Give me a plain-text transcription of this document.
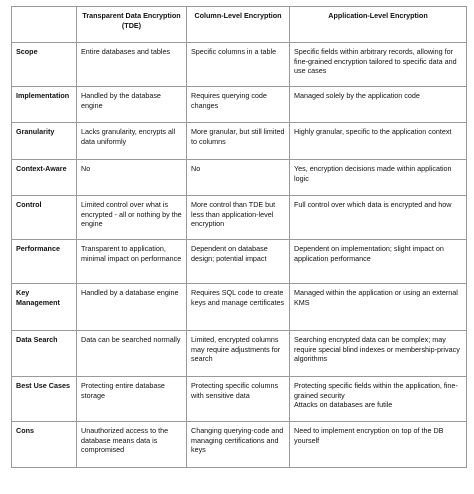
	Transparent Data Encryption (TDE)	Column-Level Encryption	Application-Level Encryption
Scope	Entire databases and tables	Specific columns in a table	Specific fields within arbitrary records, allowing for fine-grained encryption tailored to specific data and use cases
Implementation	Handled by the database engine	Requires querying code changes	Managed solely by the application code
Granularity	Lacks granularity, encrypts all data uniformly	More granular, but still limited to columns	Highly granular, specific to the application context
Context-Aware	No	No	Yes, encryption decisions made within application logic
Control	Limited control over what is encrypted - all or nothing by the engine	More control than TDE but less than application-level encryption	Full control over which data is encrypted and how
Performance	Transparent to application, minimal impact on performance	Dependent on database design; potential impact	Dependent on implementation; slight impact on application performance
Key Management	Handled by a database engine	Requires SQL code to create keys and manage certificates	Managed within the application or using an external KMS
Data Search	Data can be searched normally	Limited, encrypted columns may require adjustments for search	Searching encrypted data can be complex; may require special blind indexes or membership-privacy algorithms
Best Use Cases	Protecting entire database storage	Protecting specific columns with sensitive data	Protecting specific fields within the application, fine-grained security
Attacks on databases are futile

Cons	Unauthorized access to the database means data is compromised	Changing querying-code and managing certifications and keys	Need to implement encryption on top of the DB yourself
